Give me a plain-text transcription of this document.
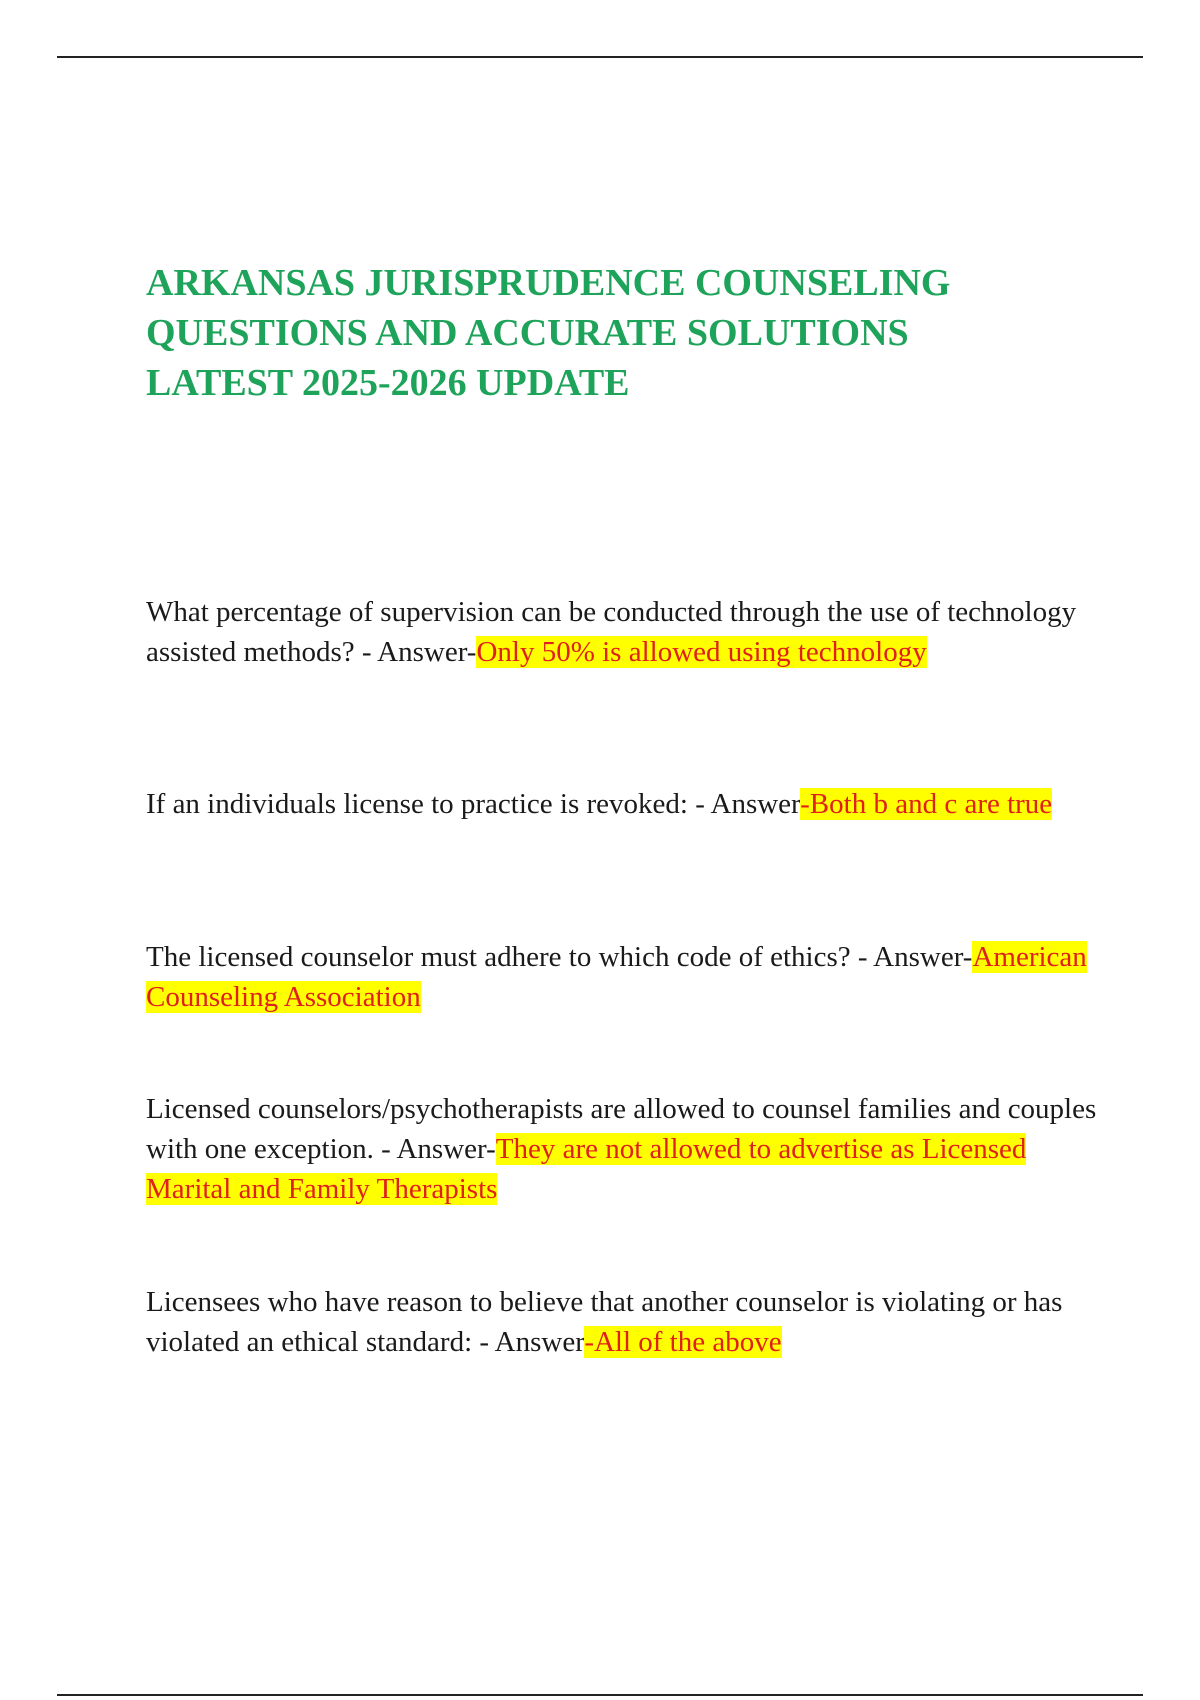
ARKANSAS JURISPRUDENCE COUNSELING
QUESTIONS AND ACCURATE SOLUTIONS
LATEST 2025-2026 UPDATE

What percentage of supervision can be conducted through the use of technology assisted methods? - Answer-Only 50% is allowed using technology

If an individuals license to practice is revoked: - Answer-Both b and c are true

The licensed counselor must adhere to which code of ethics? - Answer-American Counseling Association

Licensed counselors/psychotherapists are allowed to counsel families and couples with one exception. - Answer-They are not allowed to advertise as Licensed Marital and Family Therapists

Licensees who have reason to believe that another counselor is violating or has violated an ethical standard: - Answer-All of the above
